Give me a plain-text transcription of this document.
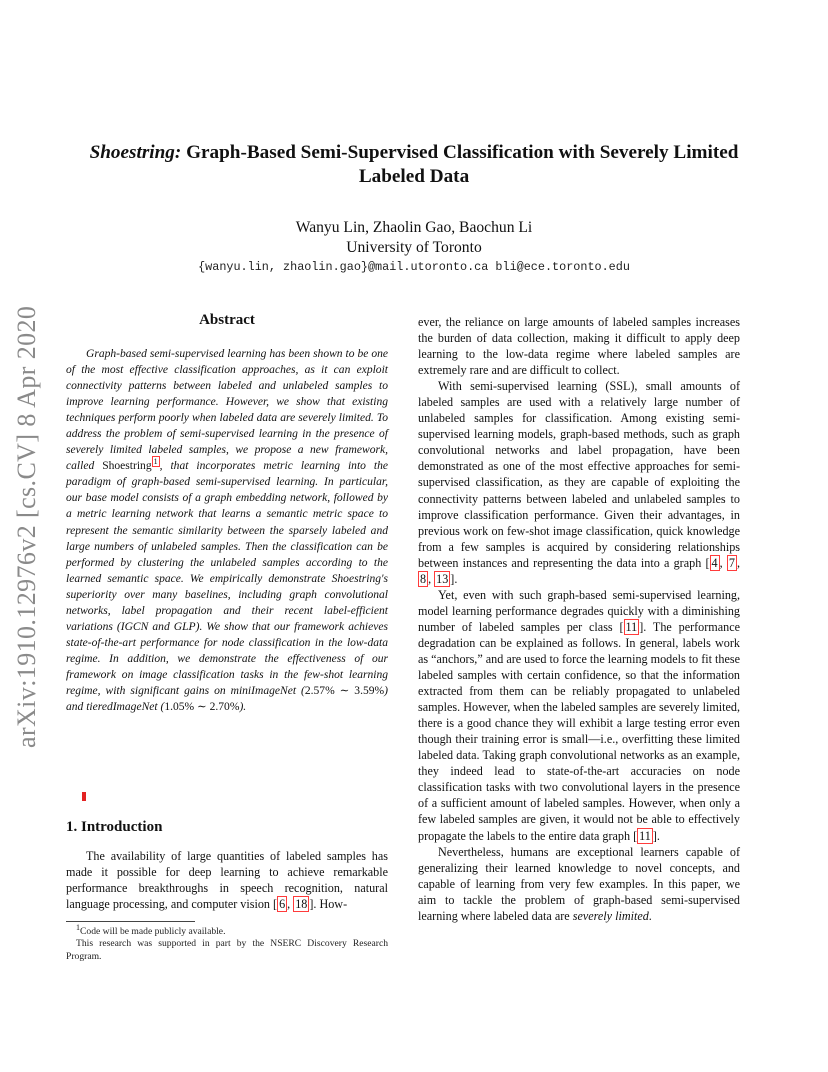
arXiv:1910.12976v2 [cs.CV] 8 Apr 2020
Shoestring: Graph-Based Semi-Supervised Classification with Severely Limited Labeled Data
Wanyu Lin, Zhaolin Gao, Baochun Li
University of Toronto
{wanyu.lin, zhaolin.gao}@mail.utoronto.ca bli@ece.toronto.edu
Abstract

Graph-based semi-supervised learning has been shown to be one of the most effective classification approaches, as it can exploit connectivity patterns between labeled and unlabeled samples to improve learning performance. However, we show that existing techniques perform poorly when labeled data are severely limited. To address the problem of semi-supervised learning in the presence of severely limited labeled samples, we propose a new framework, called Shoestring $^1$ , that incorporates metric learning into the paradigm of graph-based semi-supervised learning. In particular, our base model consists of a graph embedding network, followed by a metric learning network that learns a semantic metric space to represent the semantic similarity between the sparsely labeled and large numbers of unlabeled samples. Then the classification can be performed by clustering the unlabeled samples according to the learned semantic space. We empirically demonstrate Shoestring's superiority over many baselines, including graph convolutional networks, label propagation and their recent label-efficient variations (IGCN and GLP). We show that our framework achieves state-of-the-art performance for node classification in the low-data regime. In addition, we demonstrate the effectiveness of our framework on image classification tasks in the few-shot learning regime, with significant gains on miniImageNet (2.57% ∼ 3.59%) and tieredImageNet (1.05% ∼ 2.70%).

1. Introduction

The availability of large quantities of labeled samples has made it possible for deep learning to achieve remarkable performance breakthroughs in speech recognition, natural language processing, and computer vision [ 6 , 18 ]. How-

$^1$Code will be made publicly available.

This research was supported in part by the NSERC Discovery Research Program.

ever, the reliance on large amounts of labeled samples increases the burden of data collection, making it difficult to apply deep learning to the low-data regime where labeled samples are extremely rare and are difficult to collect.

With semi-supervised learning (SSL), small amounts of labeled samples are used with a relatively large number of unlabeled samples for classification. Among existing semi-supervised learning models, graph-based methods, such as graph convolutional networks and label propagation, have been demonstrated as one of the most effective approaches for semi-supervised classification, as they are capable of exploiting the connectivity patterns between labeled and unlabeled samples to improve classification performance. Given their advantages, in previous work on few-shot image classification, quick knowledge from a few samples is acquired by considering relationships between instances and representing the data into a graph [ 4 , 7 , 8 , 13 ].

Yet, even with such graph-based semi-supervised learning, model learning performance degrades quickly with a diminishing number of labeled samples per class [ 11 ]. The performance degradation can be explained as follows. In general, labels work as “anchors,” and are used to force the learning models to fit these labeled samples with certain confidence, so that the information extracted from them can be reliably propagated to unlabeled samples. However, when the labeled samples are severely limited, there is a good chance they will exhibit a large testing error even though their training error is small—i.e., overfitting these limited labeled data. Taking graph convolutional networks as an example, they indeed lead to state-of-the-art accuracies on node classification tasks with two convolutional layers in the presence of a sufficient amount of labeled samples. However, when only a few labeled samples are given, it would not be able to effectively propagate the labels to the entire data graph [ 11 ].

Nevertheless, humans are exceptional learners capable of generalizing their learned knowledge to novel concepts, and capable of learning from very few examples. In this paper, we aim to tackle the problem of graph-based semi-supervised learning where labeled data are severely limited.
